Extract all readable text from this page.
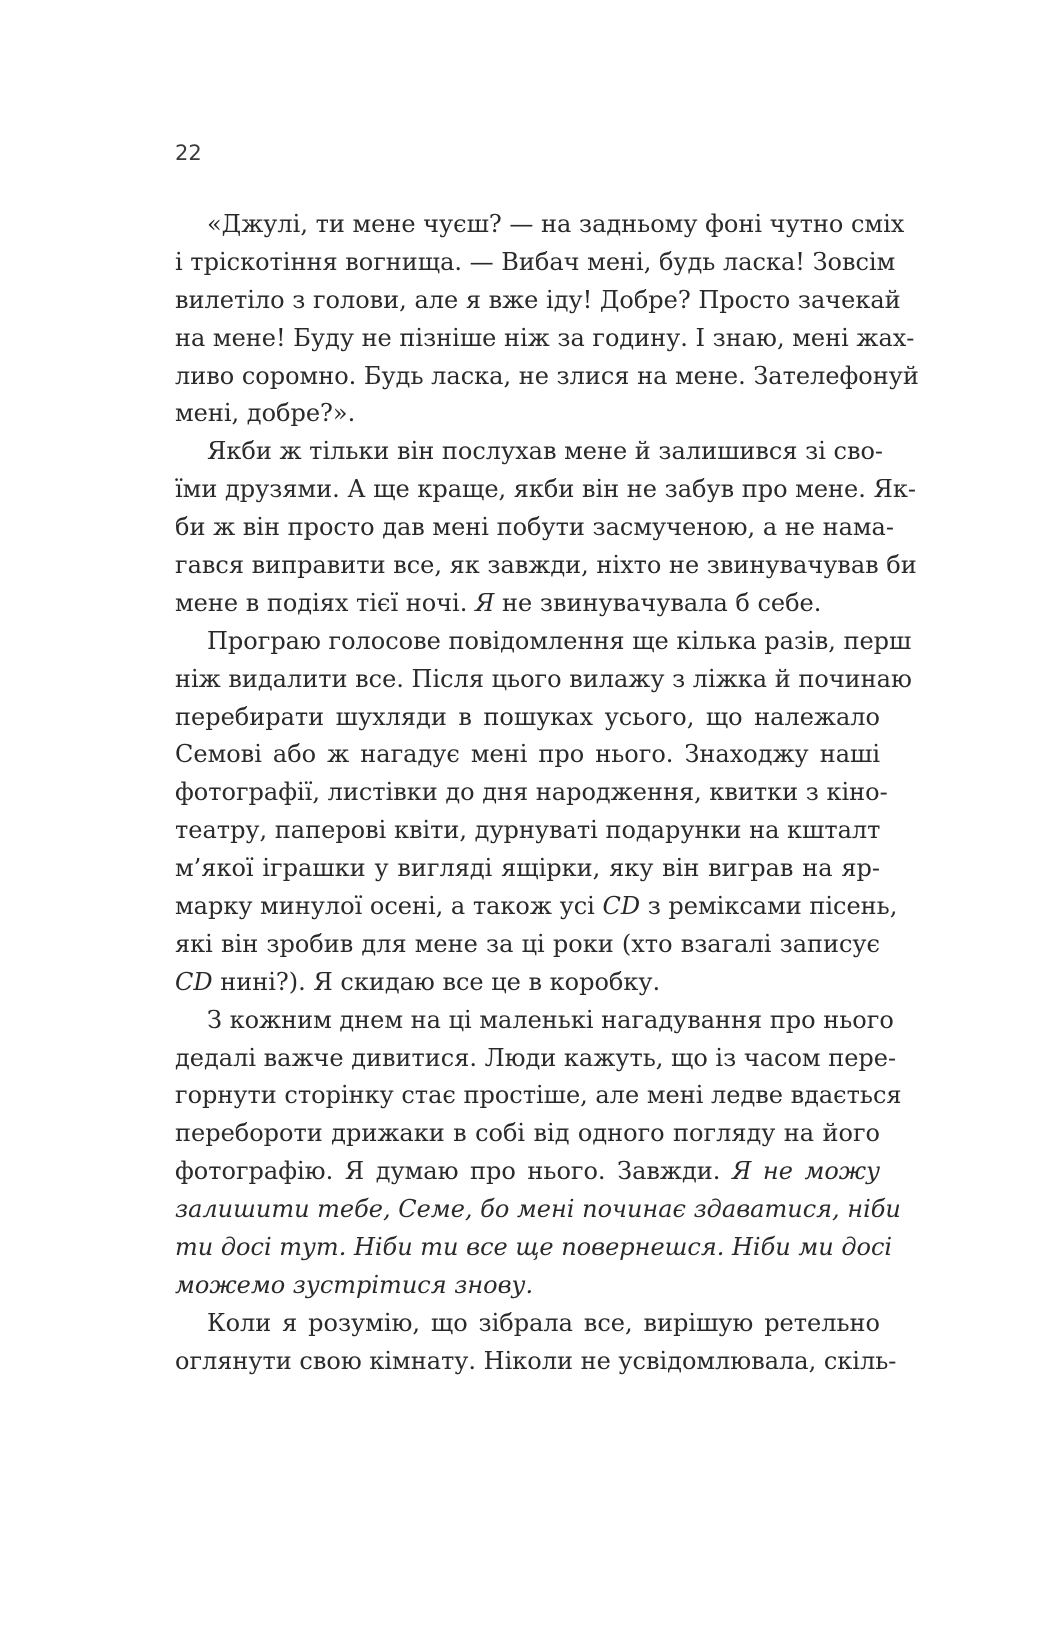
22
«Джулі, ти мене чуєш? — на задньому фоні чутно сміх
і тріскотіння вогнища. — Вибач мені, будь ласка! Зовсім
вилетіло з голови, але я вже іду! Добре? Просто зачекай
на мене! Буду не пізніше ніж за годину. І знаю, мені жах-
ливо соромно. Будь ласка, не злися на мене. Зателефонуй
мені, добре?».
Якби ж тільки він послухав мене й залишився зі сво-
їми друзями. А ще краще, якби він не забув про мене. Як-
би ж він просто дав мені побути засмученою, а не нама-
гався виправити все, як завжди, ніхто не звинувачував би
мене в подіях тієї ночі. Я не звинувачувала б себе.
Програю голосове повідомлення ще кілька разів, перш
ніж видалити все. Після цього вилажу з ліжка й починаю
перебирати шухляди в пошуках усього, що належало
Семові або ж нагадує мені про нього. Знаходжу наші
фотографії, листівки до дня народження, квитки з кіно-
театру, паперові квіти, дурнуваті подарунки на кшталт
м’якої іграшки у вигляді ящірки, яку він виграв на яр-
марку минулої осені, а також усі CD з реміксами пісень,
які він зробив для мене за ці роки (хто взагалі записує
CD нині?). Я скидаю все це в коробку.
З кожним днем на ці маленькі нагадування про нього
дедалі важче дивитися. Люди кажуть, що із часом пере-
горнути сторінку стає простіше, але мені ледве вдається
перебороти дрижаки в собі від одного погляду на його
фотографію. Я думаю про нього. Завжди. Я не можу
залишити тебе, Семе, бо мені починає здаватися, ніби
ти досі тут. Ніби ти все ще повернешся. Ніби ми досі
можемо зустрітися знову.
Коли я розумію, що зібрала все, вирішую ретельно
оглянути свою кімнату. Ніколи не усвідомлювала, скіль-
